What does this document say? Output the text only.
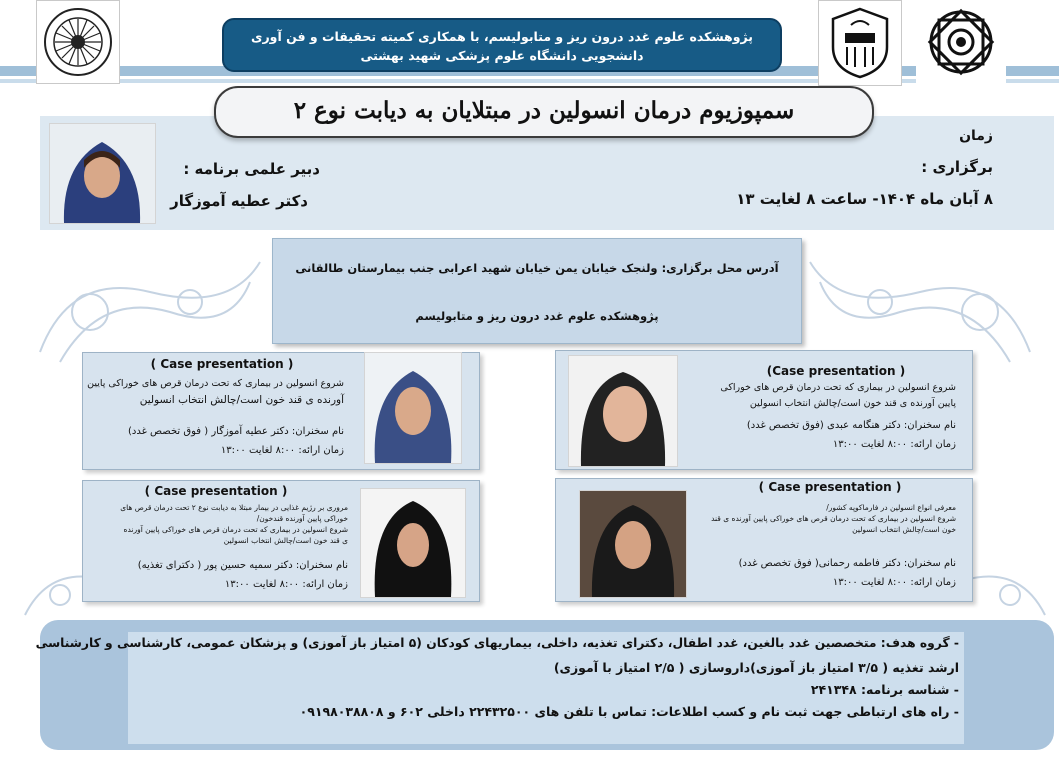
پژوهشکده علوم غدد درون ریز و متابولیسم، با همکاری کمیته تحقیقات و فن آوری
دانشجویی دانشگاه علوم پزشکی شهید بهشتی
زمان
برگزاری :
۸ آبان ماه ۱۴۰۴- ساعت ۸ لغایت ۱۳
دبیر علمی برنامه :
دکتر عطیه آموزگار
سمپوزیوم درمان انسولین در مبتلایان به دیابت نوع ۲
آدرس محل برگزاری: ولنجک خیابان یمن خیابان شهید اعرابی جنب بیمارستان طالقانی
پژوهشکده علوم غدد درون ریز و متابولیسم
( Case presentation )
شروع انسولین در بیماری که تحت درمان قرص های خوراکی پایین
آورنده ی قند خون است/چالش انتخاب انسولین
نام سخنران: دکتر عطیه آموزگار ( فوق تخصص غدد)
زمان ارائه: ۸:۰۰ لغایت ۱۳:۰۰
(Case presentation )
شروع انسولین در بیماری که تحت درمان قرص های خوراکی
پایین آورنده ی قند خون است/چالش انتخاب انسولین
نام سخنران: دکتر هنگامه عبدی (فوق تخصص غدد)
زمان ارائه: ۸:۰۰ لغایت ۱۳:۰۰
( Case presentation )
مروری بر رژیم غذایی در بیمار مبتلا به دیابت نوع ۲ تحت درمان قرص های
خوراکی پایین آورنده قندخون/
شروع انسولین در بیماری که تحت درمان قرص های خوراکی پایین آورنده
ی قند خون است/چالش انتخاب انسولین
نام سخنران: دکتر سمیه حسین پور ( دکترای تغذیه)
زمان ارائه: ۸:۰۰ لغایت ۱۳:۰۰
( Case presentation )
معرفی انواع انسولین در فارماکوپه کشور/
شروع انسولین در بیماری که تحت درمان قرص های خوراکی پایین آورنده ی قند
خون است/چالش انتخاب انسولین
نام سخنران: دکتر فاطمه رحمانی( فوق تخصص غدد)
زمان ارائه: ۸:۰۰ لغایت ۱۳:۰۰
- گروه هدف: متخصصین غدد بالغین، غدد اطفال، دکترای تغذیه، داخلی، بیماریهای کودکان (۵ امتیاز باز آموزی) و پزشکان عمومی، کارشناسی و کارشناسی
ارشد تغذیه ( ۳/۵ امتیاز باز آموزی)داروسازی ( ۲/۵ امتیاز با آموزی)
- شناسه برنامه: ۲۴۱۳۴۸
- راه های ارتباطی جهت ثبت نام و کسب اطلاعات: تماس با تلفن های ۲۲۴۳۲۵۰۰ داخلی ۶۰۲ و ۰۹۱۹۸۰۳۸۸۰۸
